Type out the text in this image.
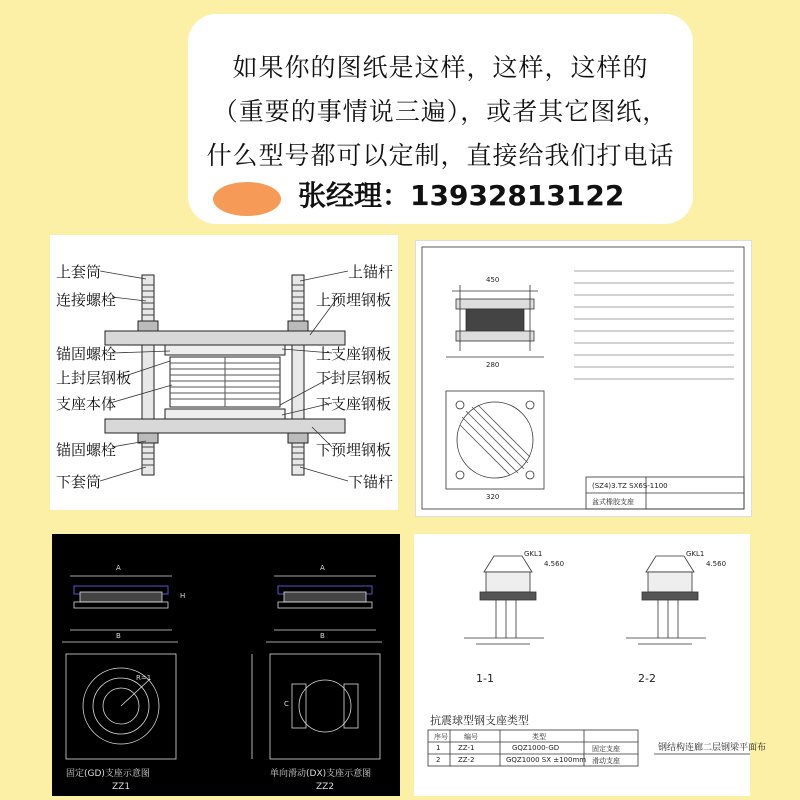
如果你的图纸是这样，这样，这样的
（重要的事情说三遍），或者其它图纸，
什么型号都可以定制，直接给我们打电话
张经理：13932813122
上套筒
连接螺栓
锚固螺栓
上封层钢板
支座本体
锚固螺栓
下套筒
上锚杆
上预埋钢板
上支座钢板
下封层钢板
下支座钢板
下预埋钢板
下锚杆
450
280
320
(SZ4)3.TZ SX6S-1100
盆式橡胶支座
A
B
A
B
H
C
R=1
固定(GD)支座示意图	单向滑动(DX)支座示意图
ZZ1	ZZ2
4.560	4.560
GKL1	GKL1
1-1	2-2
抗震球型钢支座类型
序号 编号	类型
1	ZZ-1	GQZ1000-GD	固定支座
2	ZZ-2	GQZ1000 SX ±100mm 滑动支座
钢结构连廊二层钢梁平面布
